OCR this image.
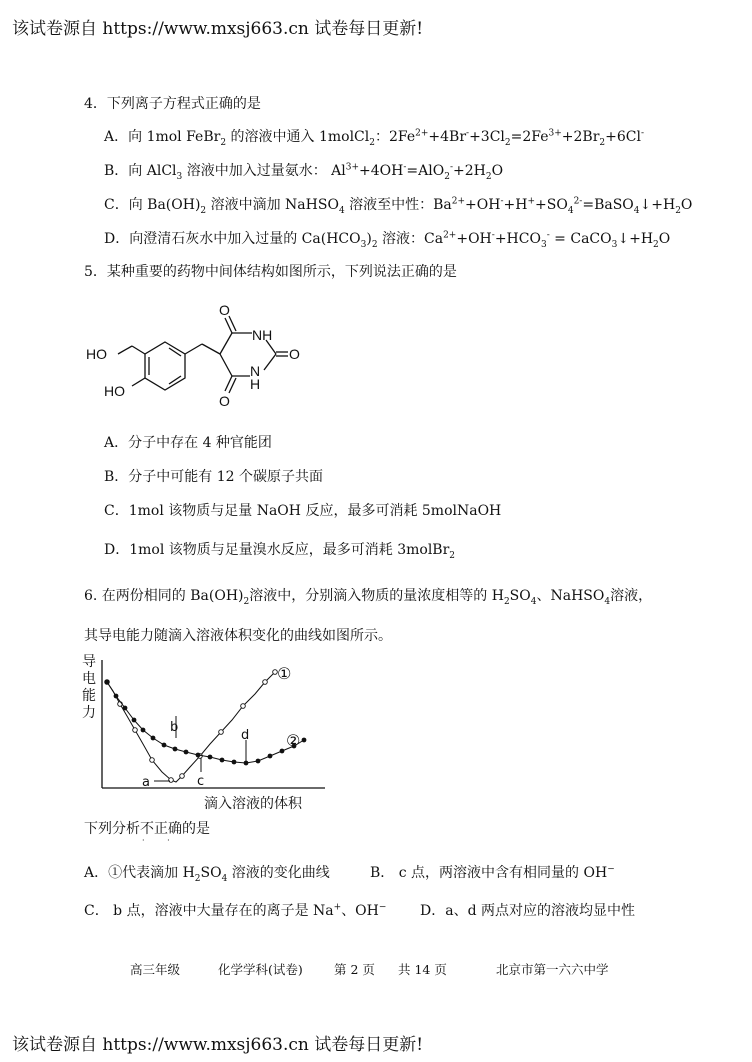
该试卷源自 https://www.mxsj663.cn 试卷每日更新!
4．下列离子方程式正确的是
A．向 1mol FeBr$_2$ 的溶液中通入 1molCl$_2$：$2Fe^{2+}+4Br^-+3Cl_2=2Fe^{3+}+2Br_2+6Cl^-$
B．向 AlCl$_3$ 溶液中加入过量氨水： $Al^{3+}+4OH^-=AlO_2^-+2H_2O$
C．向 $Ba(OH)_2$ 溶液中滴加 NaHSO$_4$ 溶液至中性：$Ba^{2+}+OH^-+H^++SO_4^{2-}=BaSO_4↓+H_2O$
D．向澄清石灰水中加入过量的 $Ca(HCO_3)_2$ 溶液：$Ca^{2+}+OH^-+HCO_3^-$ = $CaCO_3↓+H_2O$
5．某种重要的药物中间体结构如图所示，下列说法正确的是
HO
HO
O
NH
O
N
H
O
A．分子中存在 4 种官能团
B．分子中可能有 12 个碳原子共面
C．1mol 该物质与足量 NaOH 反应，最多可消耗 5molNaOH
D．1mol 该物质与足量溴水反应，最多可消耗 3molBr$_2$
6. 在两份相同的 $Ba(OH)_2$溶液中，分别滴入物质的量浓度相等的 $H_2SO_4$、NaHSO$_4$溶液，
其导电能力随滴入溶液体积变化的曲线如图所示。
导
电
能
力
滴入溶液的体积
b
d
a	c
①
②
下列分析不正确的是
· ·
A．①代表滴加 $H_2SO_4$ 溶液的变化曲线	B． c 点，两溶液中含有相同量的 OH−
C． b 点，溶液中大量存在的离子是 Na+、OH− D．a、d 两点对应的溶液均显中性
高三年级	化学学科(试卷) 第 2 页 共 14 页	北京市第一六六中学
该试卷源自 https://www.mxsj663.cn 试卷每日更新!
